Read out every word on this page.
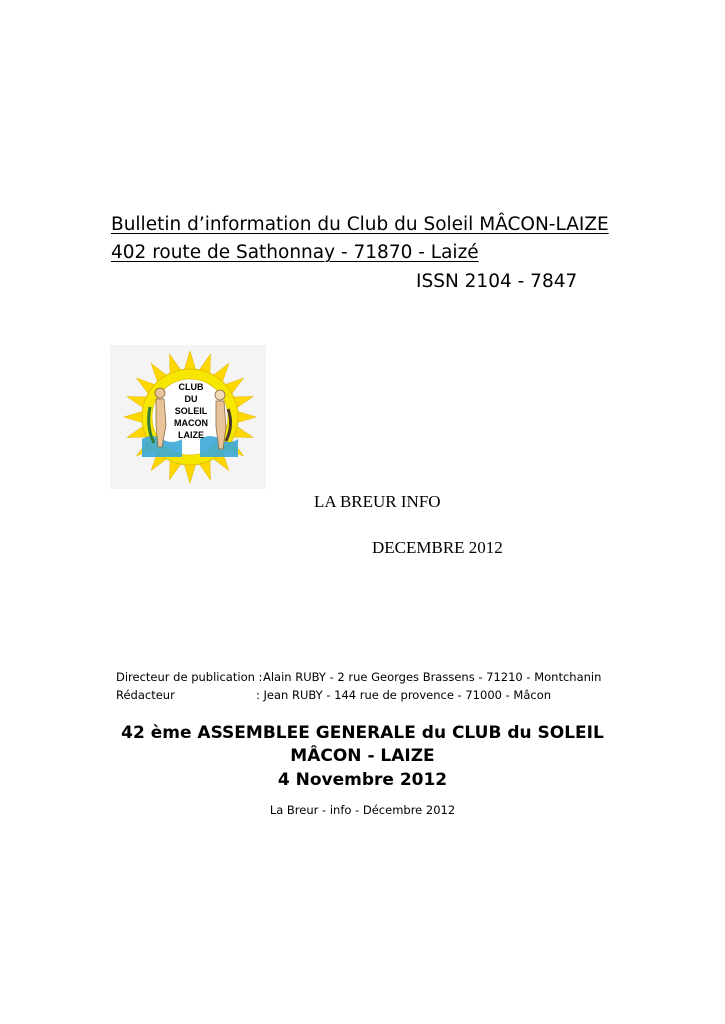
Bulletin d’information du Club du Soleil MÂCON-LAIZE
402 route de Sathonnay - 71870 - Laizé
ISSN 2104 - 7847
CLUB
DU
SOLEIL
MACON
LAIZE
LA BREUR INFO
DECEMBRE 2012
Directeur de publication : Alain RUBY - 2 rue Georges Brassens - 71210 - Montchanin
Rédacteur	: Jean RUBY - 144 rue de provence - 71000 - Mâcon
42 ème ASSEMBLEE GENERALE du CLUB du SOLEIL
MÂCON - LAIZE
4 Novembre 2012
La Breur - info - Décembre 2012
